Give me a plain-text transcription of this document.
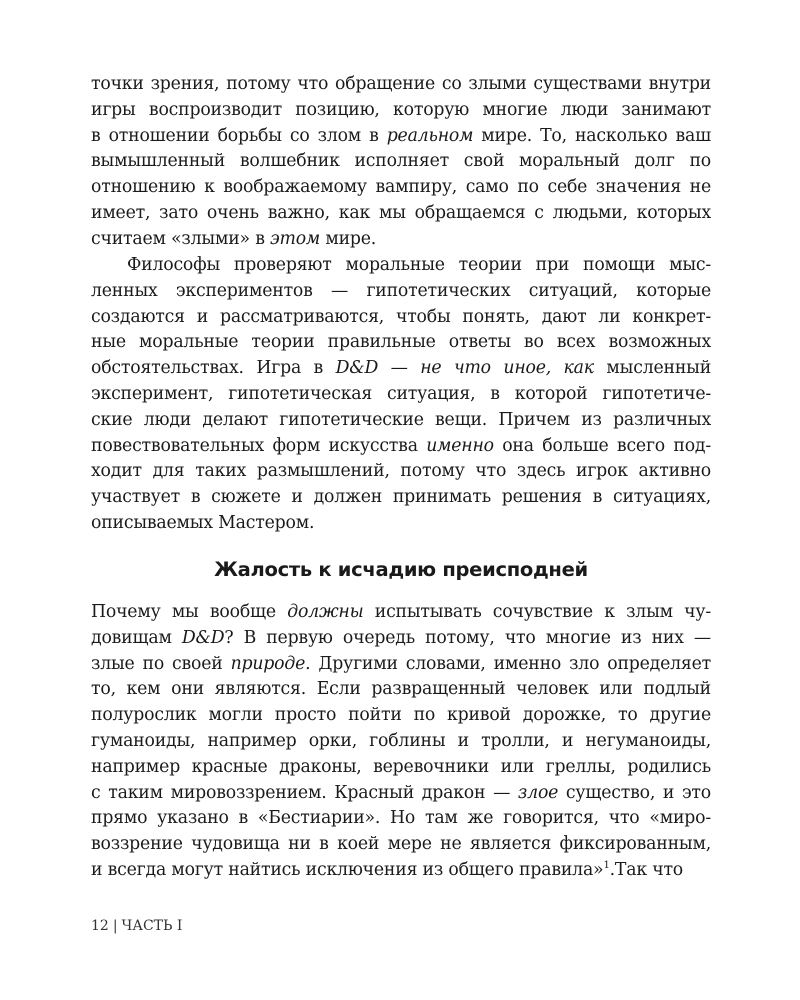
точки зрения, потому что обращение со злыми существами внутри
игры воспроизводит позицию, которую многие люди занимают
в отношении борьбы со злом в реальном мире. То, насколько ваш
вымышленный волшебник исполняет свой моральный долг по
отношению к воображаемому вампиру, само по себе значения не
имеет, зато очень важно, как мы обращаемся с людьми, которых
считаем «злыми» в этом мире.
Философы проверяют моральные теории при помощи мыс-
ленных экспериментов — гипотетических ситуаций, которые
создаются и рассматриваются, чтобы понять, дают ли конкрет-
ные моральные теории правильные ответы во всех возможных
обстоятельствах. Игра в D&D — не что иное, как мысленный
эксперимент, гипотетическая ситуация, в которой гипотетиче-
ские люди делают гипотетические вещи. Причем из различных
повествовательных форм искусства именно она больше всего под-
ходит для таких размышлений, потому что здесь игрок активно
участвует в сюжете и должен принимать решения в ситуациях,
описываемых Мастером.
Жалость к исчадию преисподней
Почему мы вообще должны испытывать сочувствие к злым чу-
довищам D&D? В первую очередь потому, что многие из них —
злые по своей природе. Другими словами, именно зло определяет
то, кем они являются. Если развращенный человек или подлый
полурослик могли просто пойти по кривой дорожке, то другие
гуманоиды, например орки, гоблины и тролли, и негуманоиды,
например красные драконы, веревочники или греллы, родились
с таким мировоззрением. Красный дракон — злое существо, и это
прямо указано в «Бестиарии». Но там же говорится, что «миро-
воззрение чудовища ни в коей мере не является фиксированным,
и всегда могут найтись исключения из общего правила»$^1$.Так что
12 | ЧАСТЬ I
